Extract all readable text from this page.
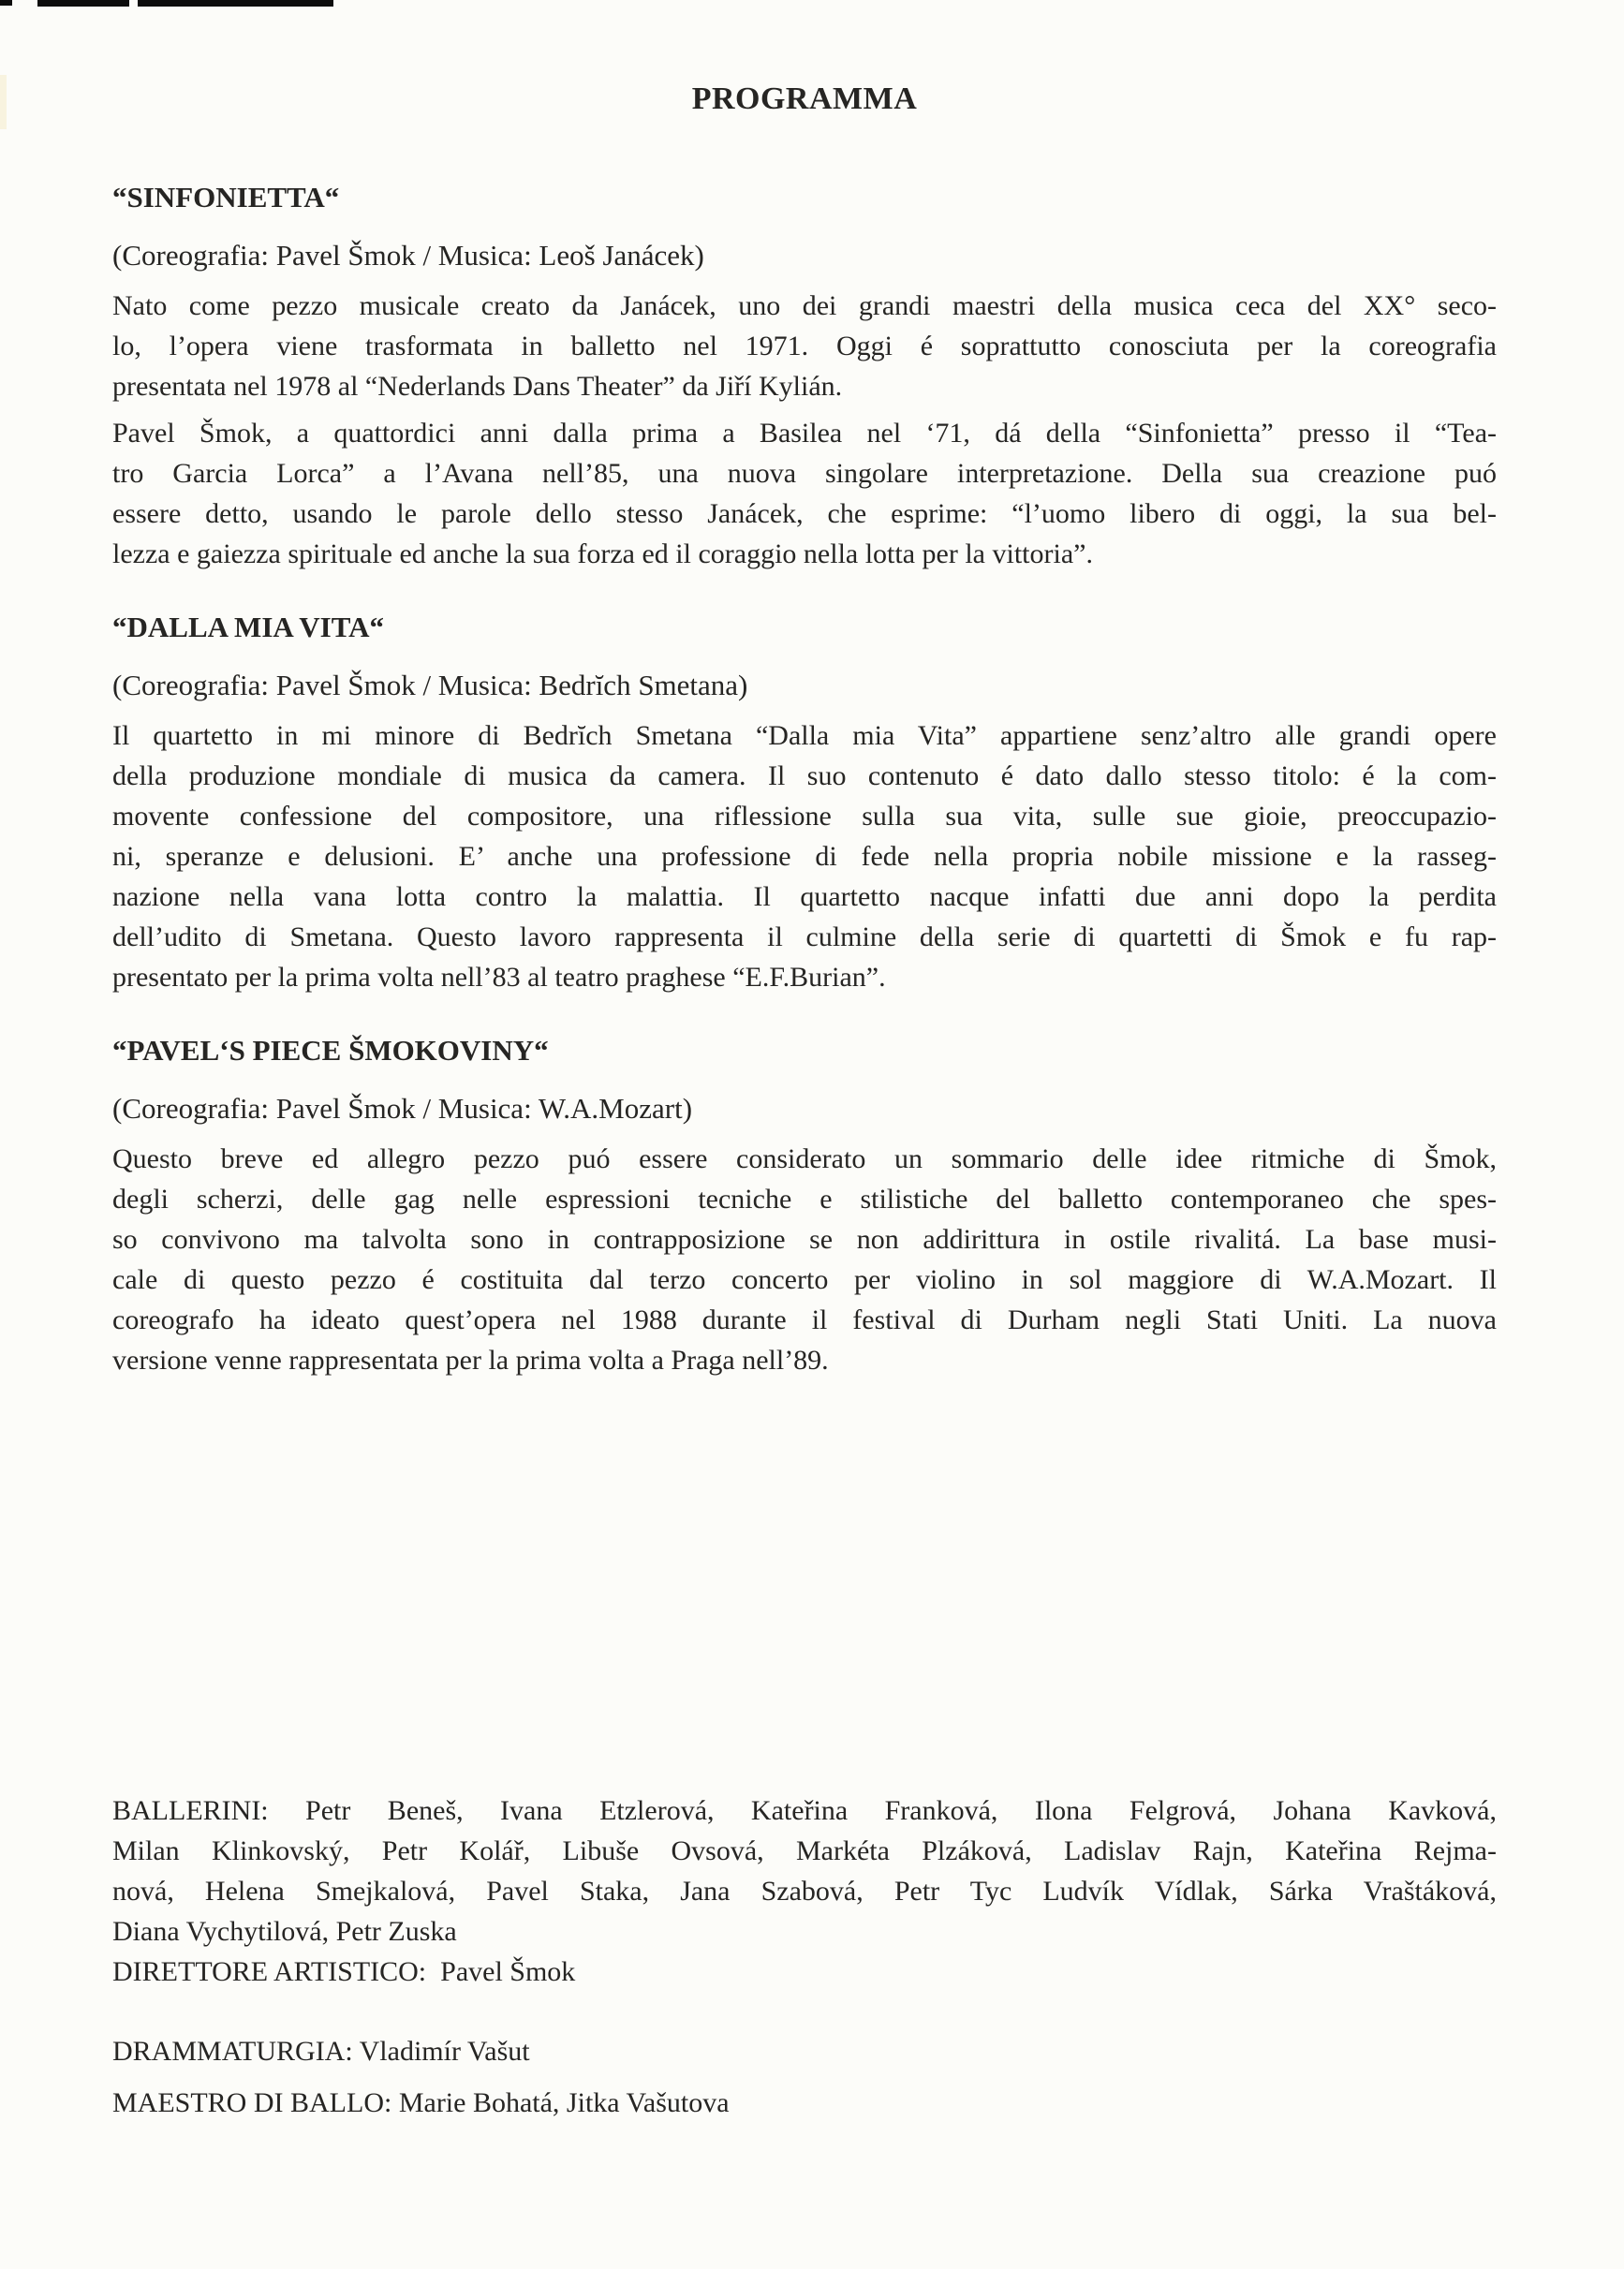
PROGRAMMA
“SINFONIETTA“
(Coreografia: Pavel Šmok / Musica: Leoš Janácek)
Nato come pezzo musicale creato da Janácek, uno dei grandi maestri della musica ceca del XX° seco-
lo, l’opera viene trasformata in balletto nel 1971. Oggi é soprattutto conosciuta per la coreografia
presentata nel 1978 al “Nederlands Dans Theater” da Jiří Kylián.
Pavel Šmok, a quattordici anni dalla prima a Basilea nel ‘71, dá della “Sinfonietta” presso il “Tea-
tro Garcia Lorca” a l’Avana nell’85, una nuova singolare interpretazione. Della sua creazione puó
essere detto, usando le parole dello stesso Janácek, che esprime: “l’uomo libero di oggi, la sua bel-
lezza e gaiezza spirituale ed anche la sua forza ed il coraggio nella lotta per la vittoria”.
“DALLA MIA VITA“
(Coreografia: Pavel Šmok / Musica: Bedrĭch Smetana)
Il quartetto in mi minore di Bedrĭch Smetana “Dalla mia Vita” appartiene senz’altro alle grandi opere
della produzione mondiale di musica da camera. Il suo contenuto é dato dallo stesso titolo: é la com-
movente confessione del compositore, una riflessione sulla sua vita, sulle sue gioie, preoccupazio-
ni, speranze e delusioni. E’ anche una professione di fede nella propria nobile missione e la rasseg-
nazione nella vana lotta contro la malattia. Il quartetto nacque infatti due anni dopo la perdita
dell’udito di Smetana. Questo lavoro rappresenta il culmine della serie di quartetti di Šmok e fu rap-
presentato per la prima volta nell’83 al teatro praghese “E.F.Burian”.
“PAVEL‘S PIECE ŠMOKOVINY“
(Coreografia: Pavel Šmok / Musica: W.A.Mozart)
Questo breve ed allegro pezzo puó essere considerato un sommario delle idee ritmiche di Šmok,
degli scherzi, delle gag nelle espressioni tecniche e stilistiche del balletto contemporaneo che spes-
so convivono ma talvolta sono in contrapposizione se non addirittura in ostile rivalitá. La base musi-
cale di questo pezzo é costituita dal terzo concerto per violino in sol maggiore di W.A.Mozart. Il
coreografo ha ideato quest’opera nel 1988 durante il festival di Durham negli Stati Uniti. La nuova
versione venne rappresentata per la prima volta a Praga nell’89.
BALLERINI: Petr Beneš, Ivana Etzlerová, Kateřina Franková, Ilona Felgrová, Johana Kavková,
Milan Klinkovský, Petr Kolář, Libuše Ovsová, Markéta Plzáková, Ladislav Rajn, Kateřina Rejma-
nová, Helena Smejkalová, Pavel Staka, Jana Szabová, Petr Tyc Ludvík Vídlak, Sárka Vraštáková,
Diana Vychytilová, Petr Zuska
DIRETTORE ARTISTICO:  Pavel Šmok
DRAMMATURGIA: Vladimír Vašut
MAESTRO DI BALLO: Marie Bohatá, Jitka Vašutova
